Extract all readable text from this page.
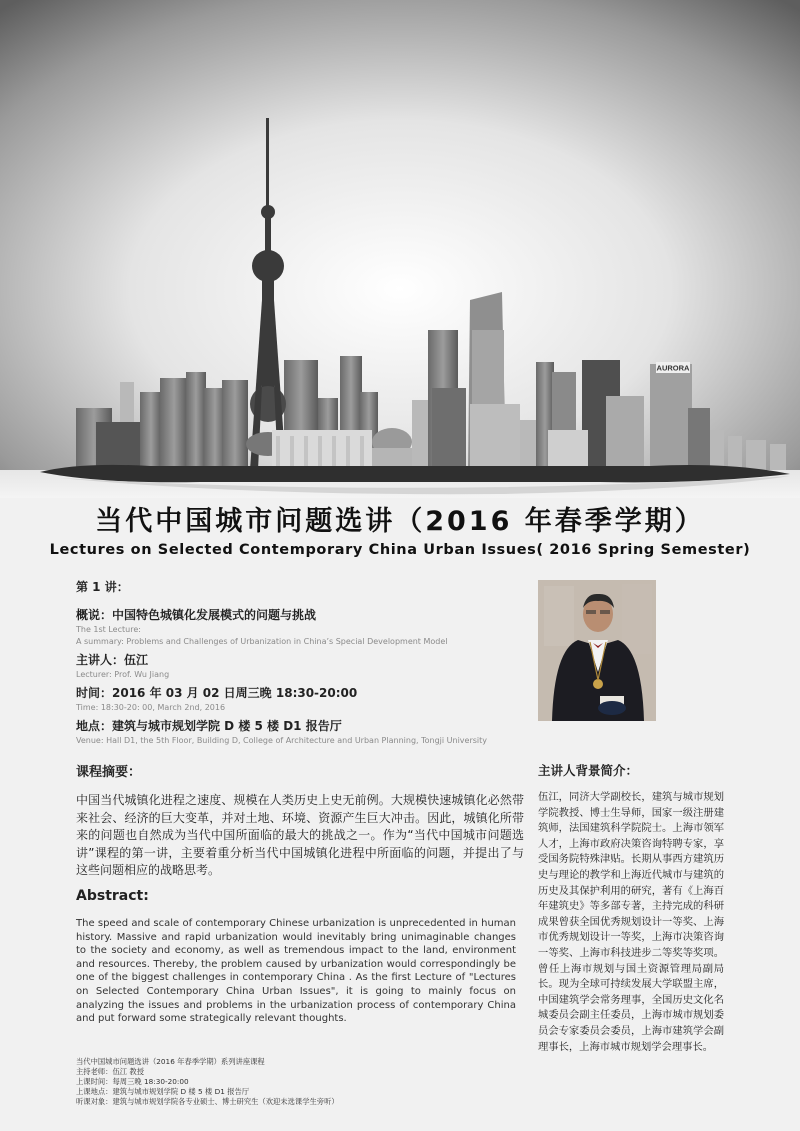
AURORA
当代中国城市问题选讲（2016 年春季学期）
Lectures on Selected Contemporary China Urban Issues( 2016 Spring Semester)
第 1 讲：
概说：中国特色城镇化发展模式的问题与挑战
The 1st Lecture:
A summary: Problems and Challenges of Urbanization in China’s Special Development Model
主讲人：伍江
Lecturer: Prof. Wu Jiang
时间：2016 年 03 月 02 日周三晚 18:30-20:00
Time: 18:30-20: 00, March 2nd, 2016
地点：建筑与城市规划学院 D 楼 5 楼 D1 报告厅
Venue: Hall D1, the 5th Floor, Building D, College of Architecture and Urban Planning, Tongji University
课程摘要：
中国当代城镇化进程之速度、规模在人类历史上史无前例。大规模快速城镇化必然带来社会、经济的巨大变革，并对土地、环境、资源产生巨大冲击。因此，城镇化所带来的问题也自然成为当代中国所面临的最大的挑战之一。作为“当代中国城市问题选讲”课程的第一讲，主要着重分析当代中国城镇化进程中所面临的问题，并提出了与这些问题相应的战略思考。
Abstract:
The speed and scale of contemporary Chinese urbanization is unprecedented in human history. Massive and rapid urbanization would inevitably bring unimaginable changes to the society and economy, as well as tremendous impact to the land, environment and resources. Thereby, the problem caused by urbanization would correspondingly be one of the biggest challenges in contemporary China . As the first Lecture of "Lectures on Selected Contemporary China Urban Issues", it is going to mainly focus on analyzing the issues and problems in the urbanization process of contemporary China and put forward some strategically relevant thoughts.
主讲人背景简介：
伍江，同济大学副校长，建筑与城市规划学院教授、博士生导师，国家一级注册建筑师，法国建筑科学院院士。上海市领军人才，上海市政府决策咨询特聘专家，享受国务院特殊津贴。长期从事西方建筑历史与理论的教学和上海近代城市与建筑的历史及其保护利用的研究，著有《上海百年建筑史》等多部专著，主持完成的科研成果曾获全国优秀规划设计一等奖、上海市优秀规划设计一等奖，上海市决策咨询一等奖、上海市科技进步二等奖等奖项。曾任上海市规划与国土资源管理局副局长。现为全球可持续发展大学联盟主席，中国建筑学会常务理事，全国历史文化名城委员会副主任委员，上海市城市规划委员会专家委员会委员，上海市建筑学会副理事长，上海市城市规划学会理事长。
当代中国城市问题选讲（2016 年春季学期）系列讲座课程
主持老师：伍江 教授
上课时间：每周三晚 18:30-20:00
上课地点：建筑与城市规划学院 D 楼 5 楼 D1 报告厅
听课对象：建筑与城市规划学院各专业硕士、博士研究生（欢迎未选课学生旁听）
